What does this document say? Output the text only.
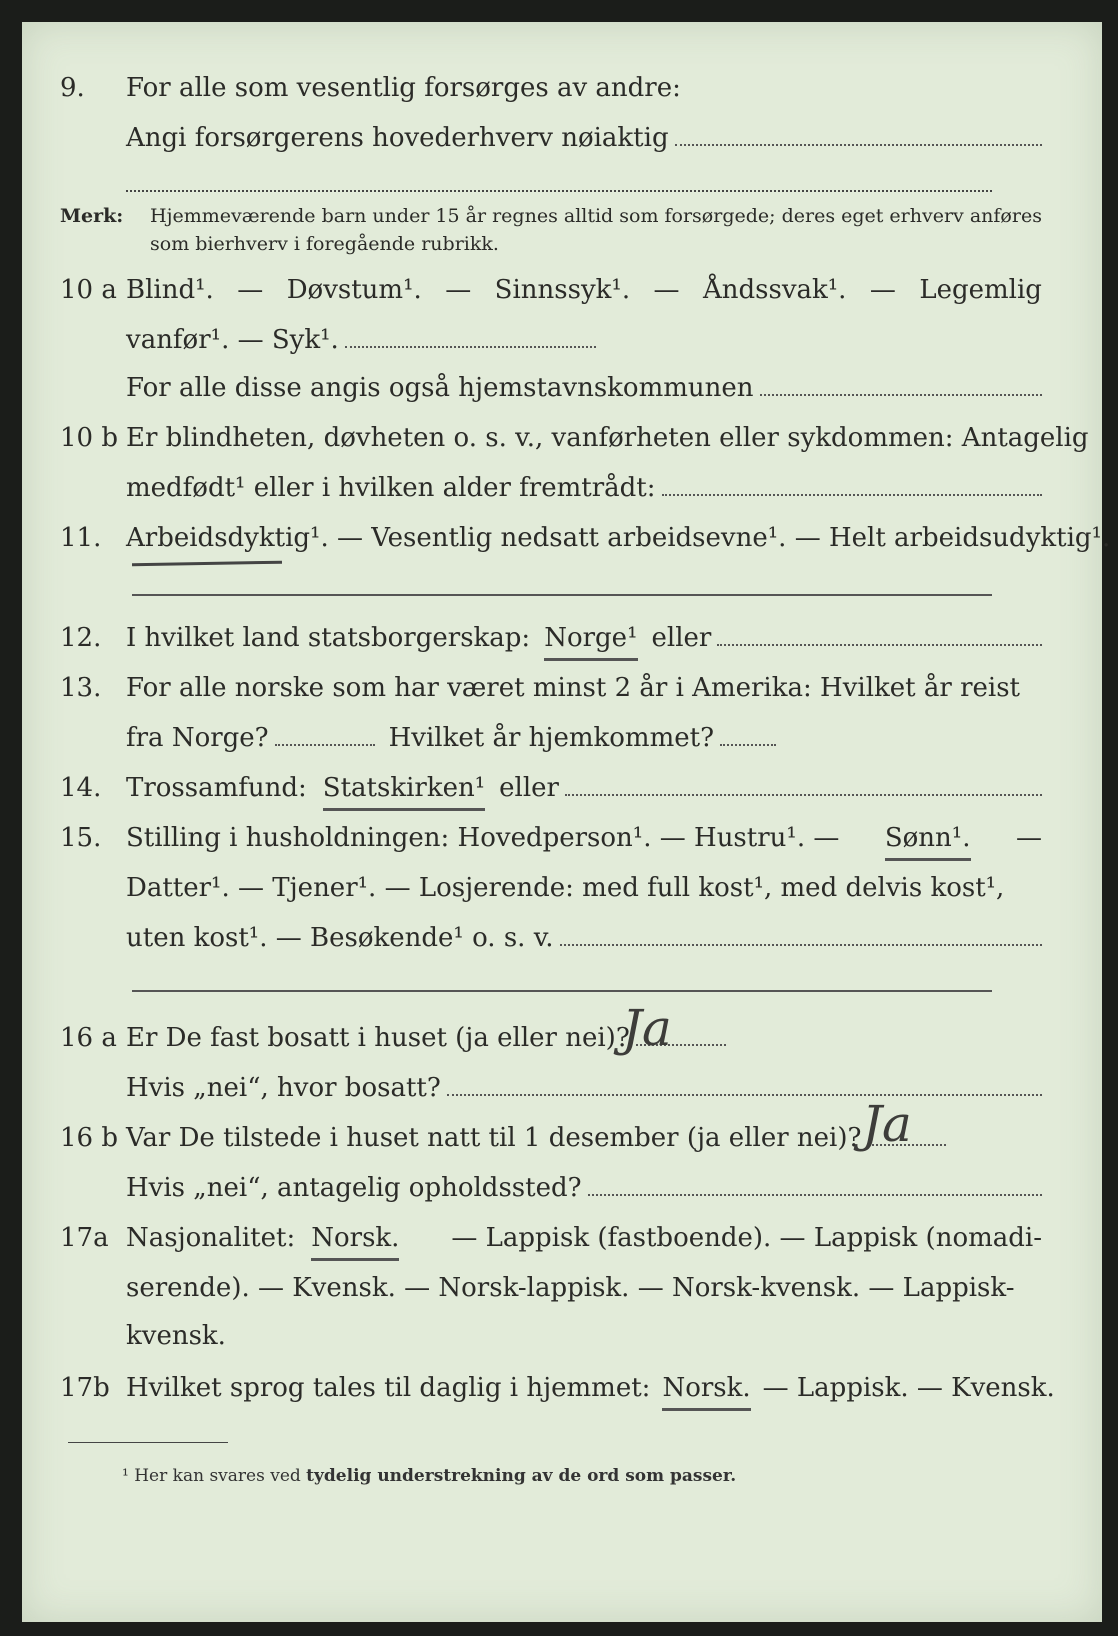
9.	For alle som vesentlig forsørges av andre:
Angi forsørgerens hovederhverv nøiaktig
Merk:	Hjemmeværende barn under 15 år regnes alltid som forsørgede; deres eget erhverv anføres som bierhverv i foregående rubrikk.
10 a Blind¹. — Døvstum¹. — Sinnssyk¹. — Åndssvak¹. — Legemlig
vanfør¹. — Syk¹.
For alle disse angis også hjemstavnskommunen
10 b Er blindheten, døvheten o. s. v., vanførheten eller sykdommen: Antagelig
medfødt¹ eller i hvilken alder fremtrådt:
11. Arbeidsdyktig¹. — Vesentlig nedsatt arbeidsevne¹. — Helt arbeidsudyktig¹.
12. I hvilket land statsborgerskap: Norge¹ eller
13. For alle norske som har været minst 2 år i Amerika: Hvilket år reist
fra Norge?	Hvilket år hjemkommet?
14. Trossamfund: Statskirken¹ eller
15. Stilling i husholdningen: Hovedperson¹. — Hustru¹. — Sønn¹. —
Datter¹. — Tjener¹. — Losjerende: med full kost¹, med delvis kost¹,
uten kost¹. — Besøkende¹ o. s. v.
16 a Er De fast bosatt i huset (ja eller nei)?
Ja
Hvis „nei“, hvor bosatt?
16 b Var De tilstede i huset natt til 1 desember (ja eller nei)? Ja
Hvis „nei“, antagelig opholdssted?
17a Nasjonalitet: Norsk.	— Lappisk (fastboende). — Lappisk (nomadi-
serende). — Kvensk. — Norsk-lappisk. — Norsk-kvensk. — Lappisk-
kvensk.
17b Hvilket sprog tales til daglig i hjemmet: Norsk. — Lappisk. — Kvensk.
¹ Her kan svares ved tydelig understrekning av de ord som passer.
